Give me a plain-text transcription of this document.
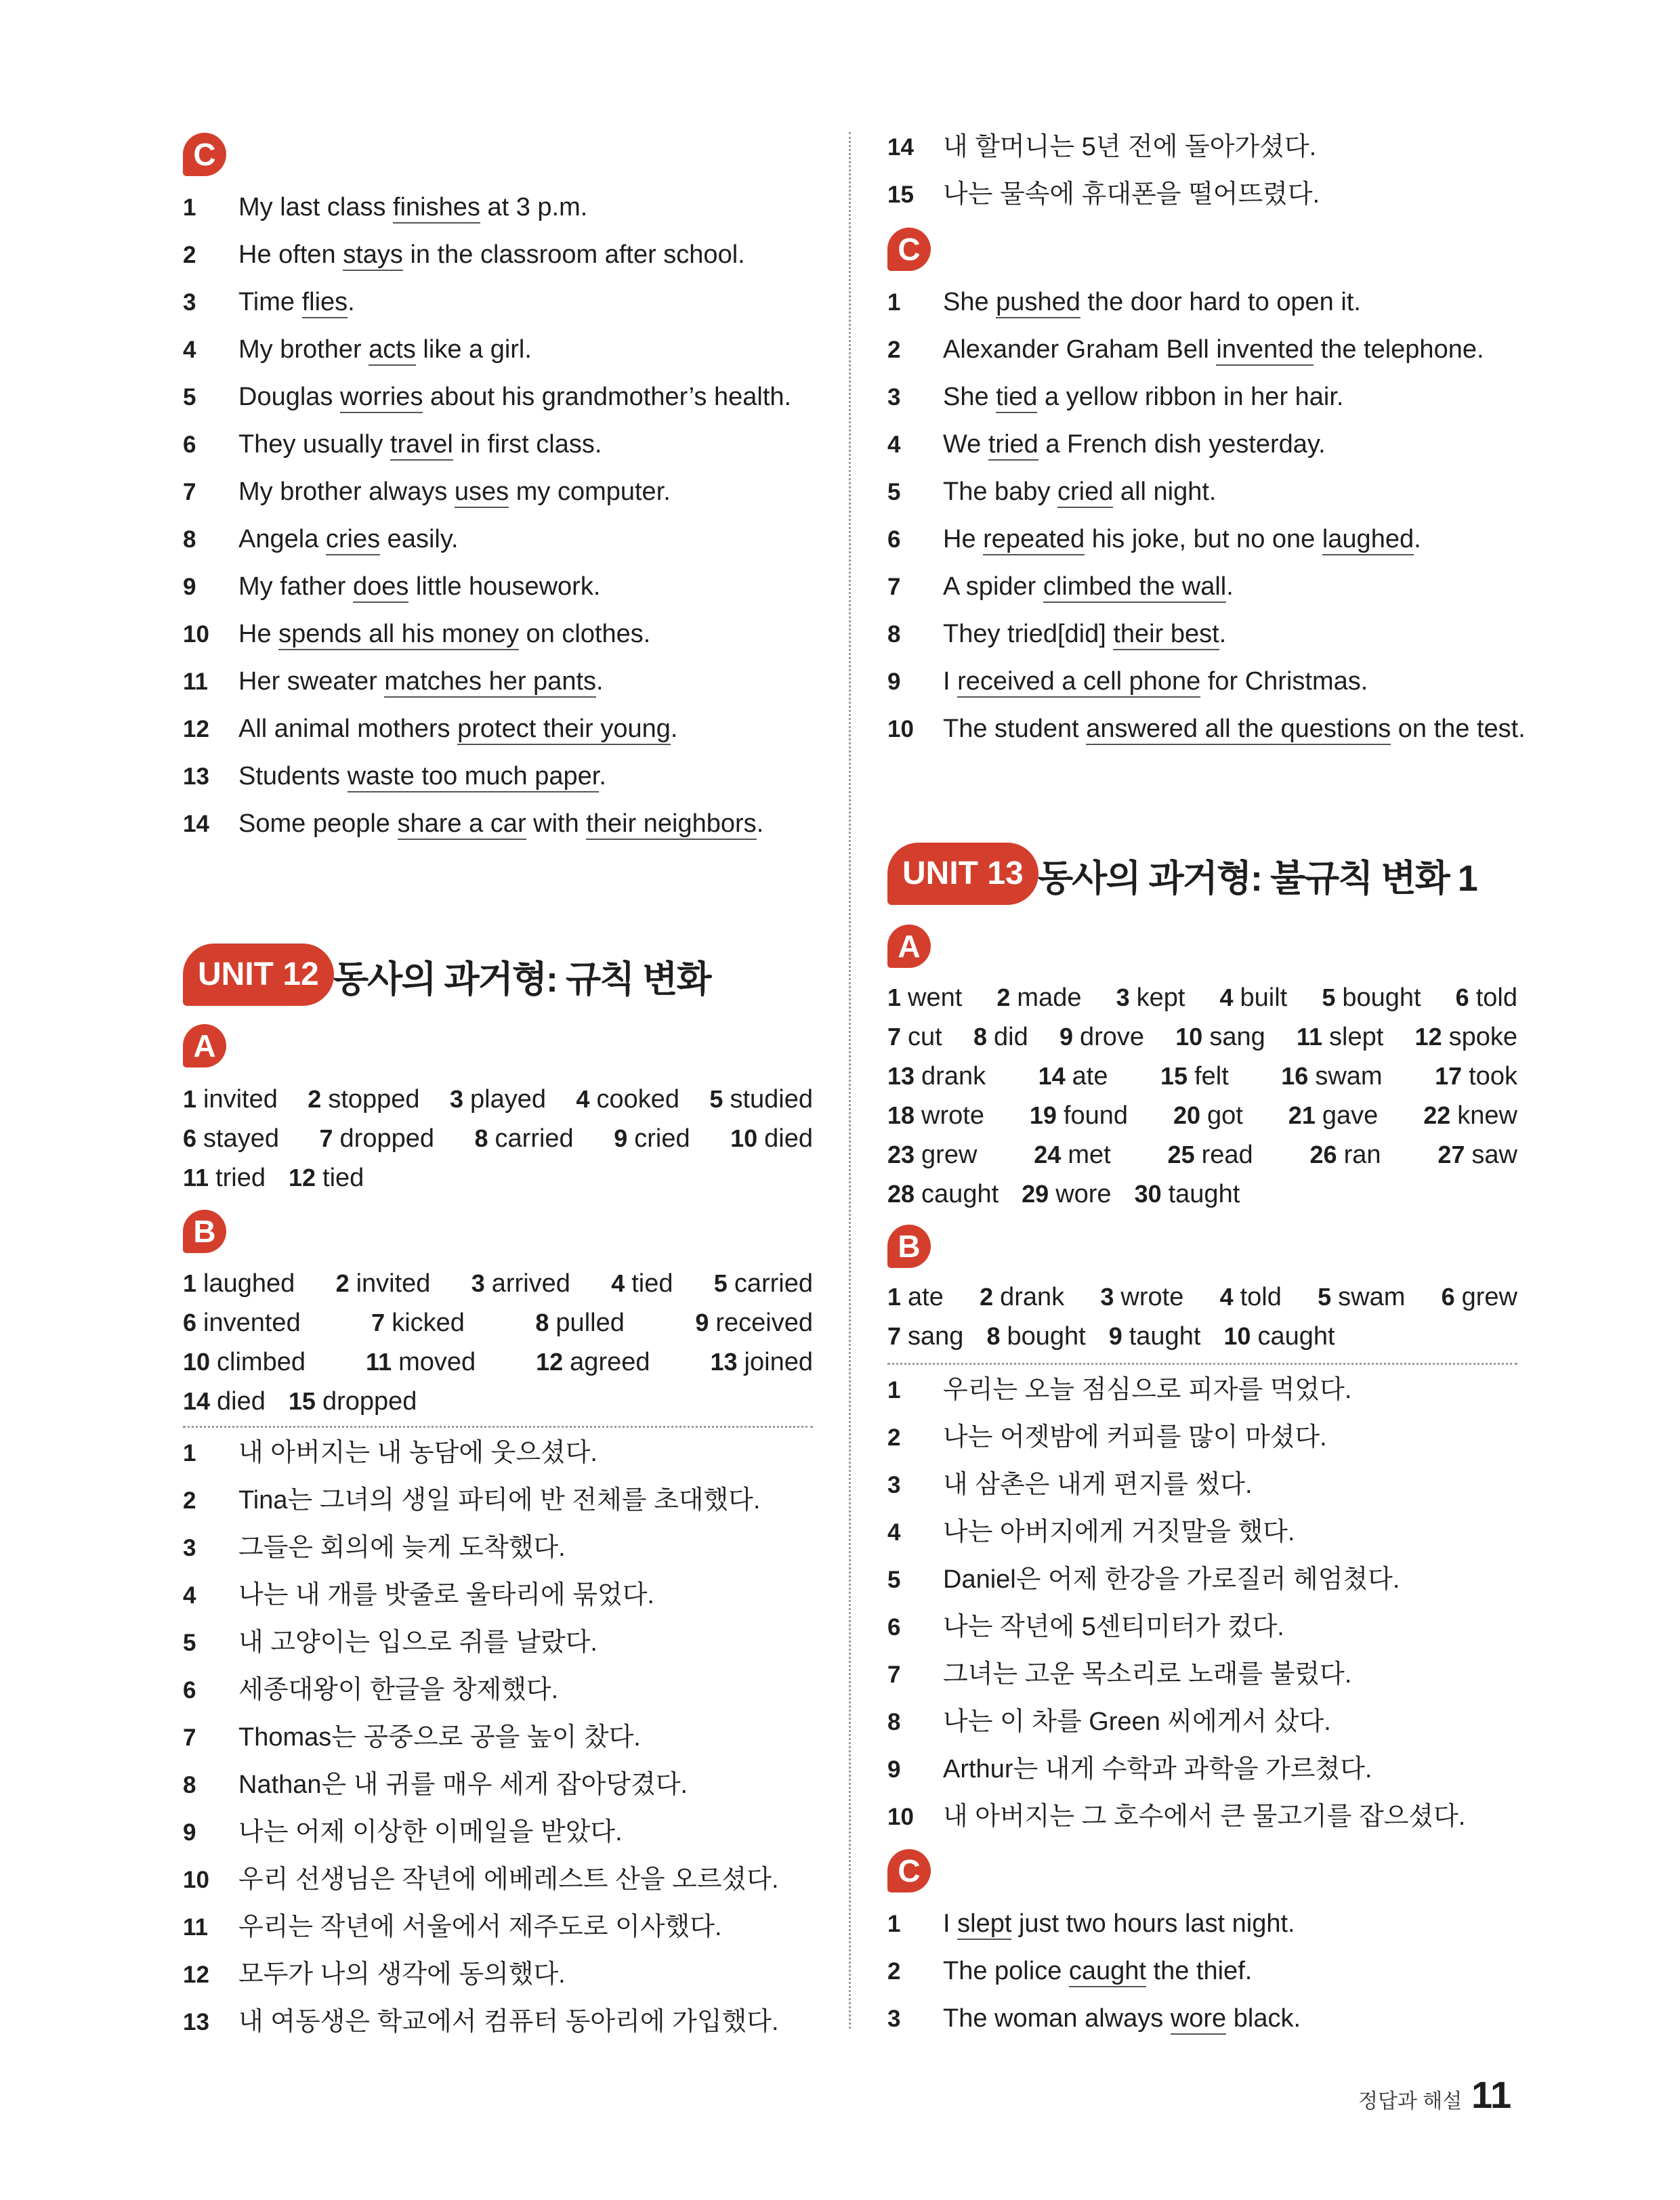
C
1 My last class finishes at 3 p.m.
2 He often stays in the classroom after school.
3 Time flies.
4 My brother acts like a girl.
5 Douglas worries about his grandmother’s health.
6 They usually travel in first class.
7 My brother always uses my computer.
8 Angela cries easily.
9 My father does little housework.
10 He spends all his money on clothes.
11 Her sweater matches her pants.
12 All animal mothers protect their young.
13 Students waste too much paper.
14 Some people share a car with their neighbors.
UNIT 12 동사의 과거형: 규칙 변화
A
1 invited 2 stopped 3 played 4 cooked 5 studied
6 stayed 7 dropped 8 carried 9 cried 10 died
11 tried 12 tied
B
1 laughed 2 invited 3 arrived 4 tied 5 carried
6 invented	7 kicked	8 pulled	9 received
10 climbed 11 moved 12 agreed 13 joined
14 died 15 dropped
1 내 아버지는 내 농담에 웃으셨다.
2 Tina는 그녀의 생일 파티에 반 전체를 초대했다.
3 그들은 회의에 늦게 도착했다.
4 나는 내 개를 밧줄로 울타리에 묶었다.
5 내 고양이는 입으로 쥐를 날랐다.
6 세종대왕이 한글을 창제했다.
7 Thomas는 공중으로 공을 높이 찼다.
8 Nathan은 내 귀를 매우 세게 잡아당겼다.
9 나는 어제 이상한 이메일을 받았다.
10 우리 선생님은 작년에 에베레스트 산을 오르셨다.
11 우리는 작년에 서울에서 제주도로 이사했다.
12 모두가 나의 생각에 동의했다.
13 내 여동생은 학교에서 컴퓨터 동아리에 가입했다.
14 내 할머니는 5년 전에 돌아가셨다.
15 나는 물속에 휴대폰을 떨어뜨렸다.
C
1 She pushed the door hard to open it.
2 Alexander Graham Bell invented the telephone.
3 She tied a yellow ribbon in her hair.
4 We tried a French dish yesterday.
5 The baby cried all night.
6 He repeated his joke, but no one laughed.
7 A spider climbed the wall.
8 They tried[did] their best.
9 I received a cell phone for Christmas.
10 The student answered all the questions on the test.
UNIT 13 동사의 과거형: 불규칙 변화 1
A
1 went 2 made 3 kept 4 built 5 bought 6 told
7 cut 8 did 9 drove 10 sang 11 slept 12 spoke
13 drank 14 ate 15 felt 16 swam 17 took
18 wrote 19 found 20 got 21 gave 22 knew
23 grew 24 met 25 read 26 ran 27 saw
28 caught 29 wore 30 taught
B
1 ate 2 drank 3 wrote 4 told 5 swam 6 grew
7 sang 8 bought 9 taught 10 caught
1 우리는 오늘 점심으로 피자를 먹었다.
2 나는 어젯밤에 커피를 많이 마셨다.
3 내 삼촌은 내게 편지를 썼다.
4 나는 아버지에게 거짓말을 했다.
5 Daniel은 어제 한강을 가로질러 헤엄쳤다.
6 나는 작년에 5센티미터가 컸다.
7 그녀는 고운 목소리로 노래를 불렀다.
8 나는 이 차를 Green 씨에게서 샀다.
9 Arthur는 내게 수학과 과학을 가르쳤다.
10 내 아버지는 그 호수에서 큰 물고기를 잡으셨다.
C
1 I slept just two hours last night.
2 The police caught the thief.
3 The woman always wore black.
정답과 해설 11
